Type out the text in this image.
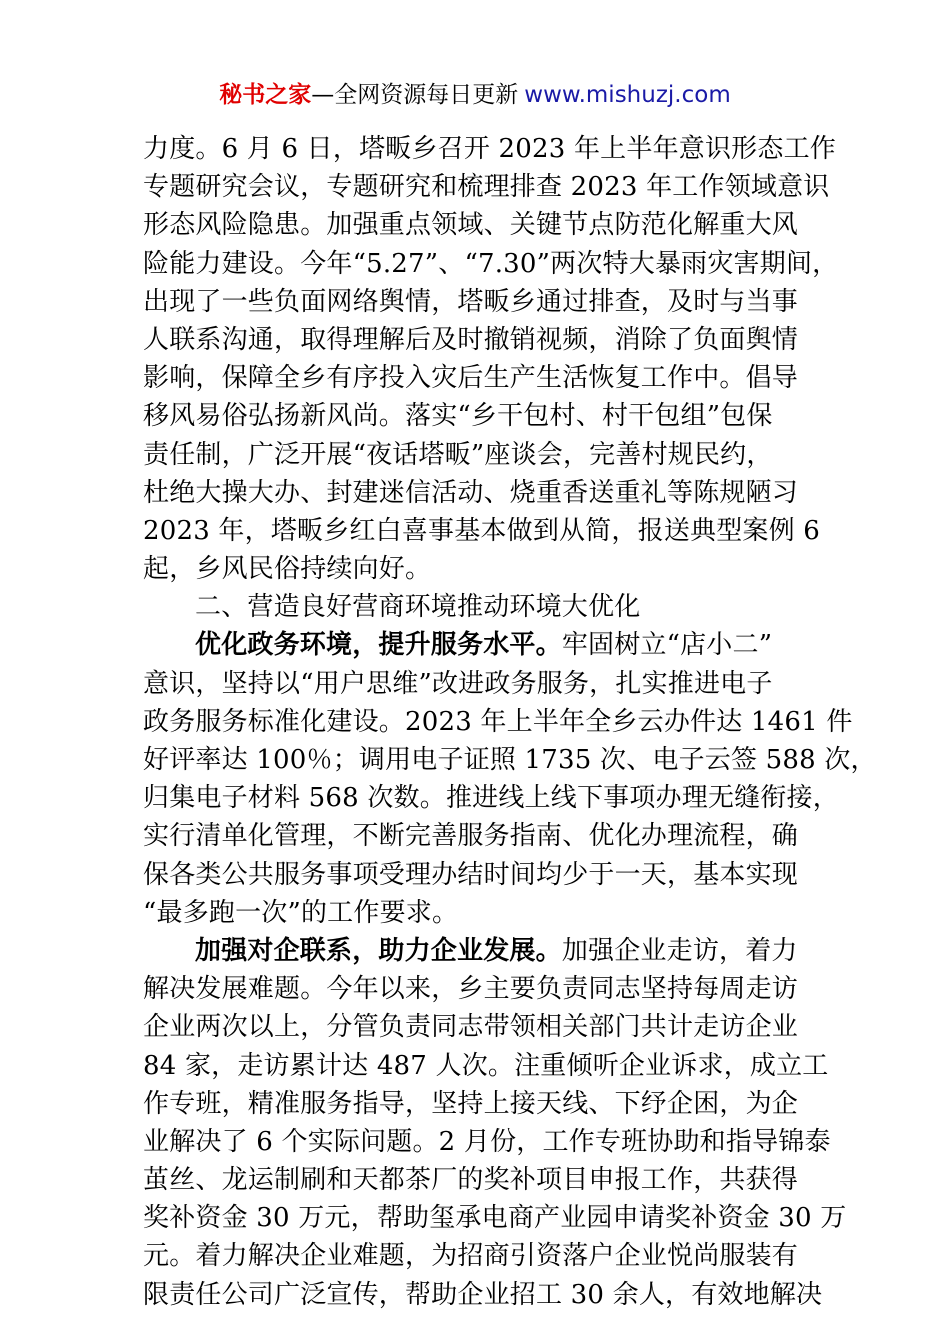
秘书之家—全网资源每日更新 www.mishuzj.com
力度。6 月 6 日，塔畈乡召开 2023 年上半年意识形态工作
专题研究会议，专题研究和梳理排查 2023 年工作领域意识
形态风险隐患。加强重点领域、关键节点防范化解重大风
险能力建设。今年“5.27”、“7.30”两次特大暴雨灾害期间，
出现了一些负面网络舆情，塔畈乡通过排查，及时与当事
人联系沟通，取得理解后及时撤销视频，消除了负面舆情
影响，保障全乡有序投入灾后生产生活恢复工作中。倡导
移风易俗弘扬新风尚。落实“乡干包村、村干包组”包保
责任制，广泛开展“夜话塔畈”座谈会，完善村规民约，
杜绝大操大办、封建迷信活动、烧重香送重礼等陈规陋习
2023 年，塔畈乡红白喜事基本做到从简，报送典型案例 6
起，乡风民俗持续向好。
二、营造良好营商环境推动环境大优化
优化政务环境，提升服务水平。牢固树立“店小二”
意识，坚持以“用户思维”改进政务服务，扎实推进电子
政务服务标准化建设。2023 年上半年全乡云办件达 1461 件
好评率达 100％；调用电子证照 1735 次、电子云签 588 次，
归集电子材料 568 次数。推进线上线下事项办理无缝衔接，
实行清单化管理，不断完善服务指南、优化办理流程，确
保各类公共服务事项受理办结时间均少于一天，基本实现
“最多跑一次”的工作要求。
加强对企联系，助力企业发展。加强企业走访，着力
解决发展难题。今年以来，乡主要负责同志坚持每周走访
企业两次以上，分管负责同志带领相关部门共计走访企业
84 家，走访累计达 487 人次。注重倾听企业诉求，成立工
作专班，精准服务指导，坚持上接天线、下纾企困，为企
业解决了 6 个实际问题。2 月份，工作专班协助和指导锦泰
茧丝、龙运制刷和天都茶厂的奖补项目申报工作，共获得
奖补资金 30 万元，帮助玺承电商产业园申请奖补资金 30 万
元。着力解决企业难题，为招商引资落户企业悦尚服装有
限责任公司广泛宣传，帮助企业招工 30 余人，有效地解决
